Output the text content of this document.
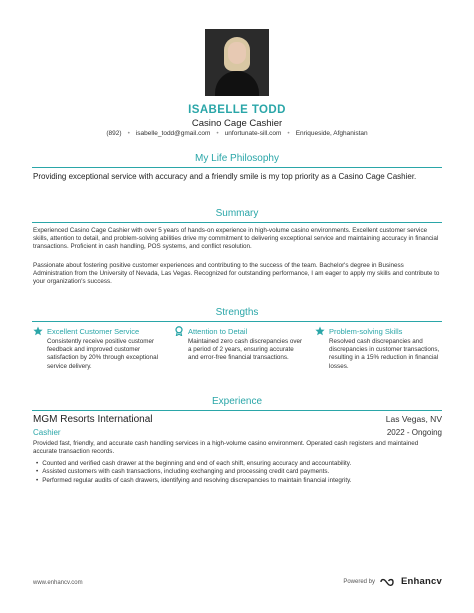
ISABELLE TODD
Casino Cage Cashier
(892) • isabelle_todd@gmail.com • unfortunate-sill.com • Enriqueside, Afghanistan
My Life Philosophy
Providing exceptional service with accuracy and a friendly smile is my top priority as a Casino Cage Cashier.
Summary
Experienced Casino Cage Cashier with over 5 years of hands-on experience in high-volume casino environments. Excellent customer service skills, attention to detail, and problem-solving abilities drive my commitment to delivering exceptional service and maintaining accuracy in financial transactions. Proficient in cash handling, POS systems, and conflict resolution.
Passionate about fostering positive customer experiences and contributing to the success of the team. Bachelor's degree in Business Administration from the University of Nevada, Las Vegas. Recognized for outstanding performance, I am eager to apply my skills and contribute to your organization's success.
Strengths
Excellent Customer Service
Consistently receive positive customer feedback and improved customer satisfaction by 20% through exceptional service delivery.
Attention to Detail
Maintained zero cash discrepancies over a period of 2 years, ensuring accurate and error-free financial transactions.
Problem-solving Skills
Resolved cash discrepancies and discrepancies in customer transactions, resulting in a 15% reduction in financial losses.
Experience
MGM Resorts International	Las Vegas, NV
Cashier	2022 - Ongoing
Provided fast, friendly, and accurate cash handling services in a high-volume casino environment. Operated cash registers and maintained accurate transaction records.
• Counted and verified cash drawer at the beginning and end of each shift, ensuring accuracy and accountability.
• Assisted customers with cash transactions, including exchanging and processing credit card payments.
• Performed regular audits of cash drawers, identifying and resolving discrepancies to maintain financial integrity.
www.enhancv.com	Powered by	Enhancv
